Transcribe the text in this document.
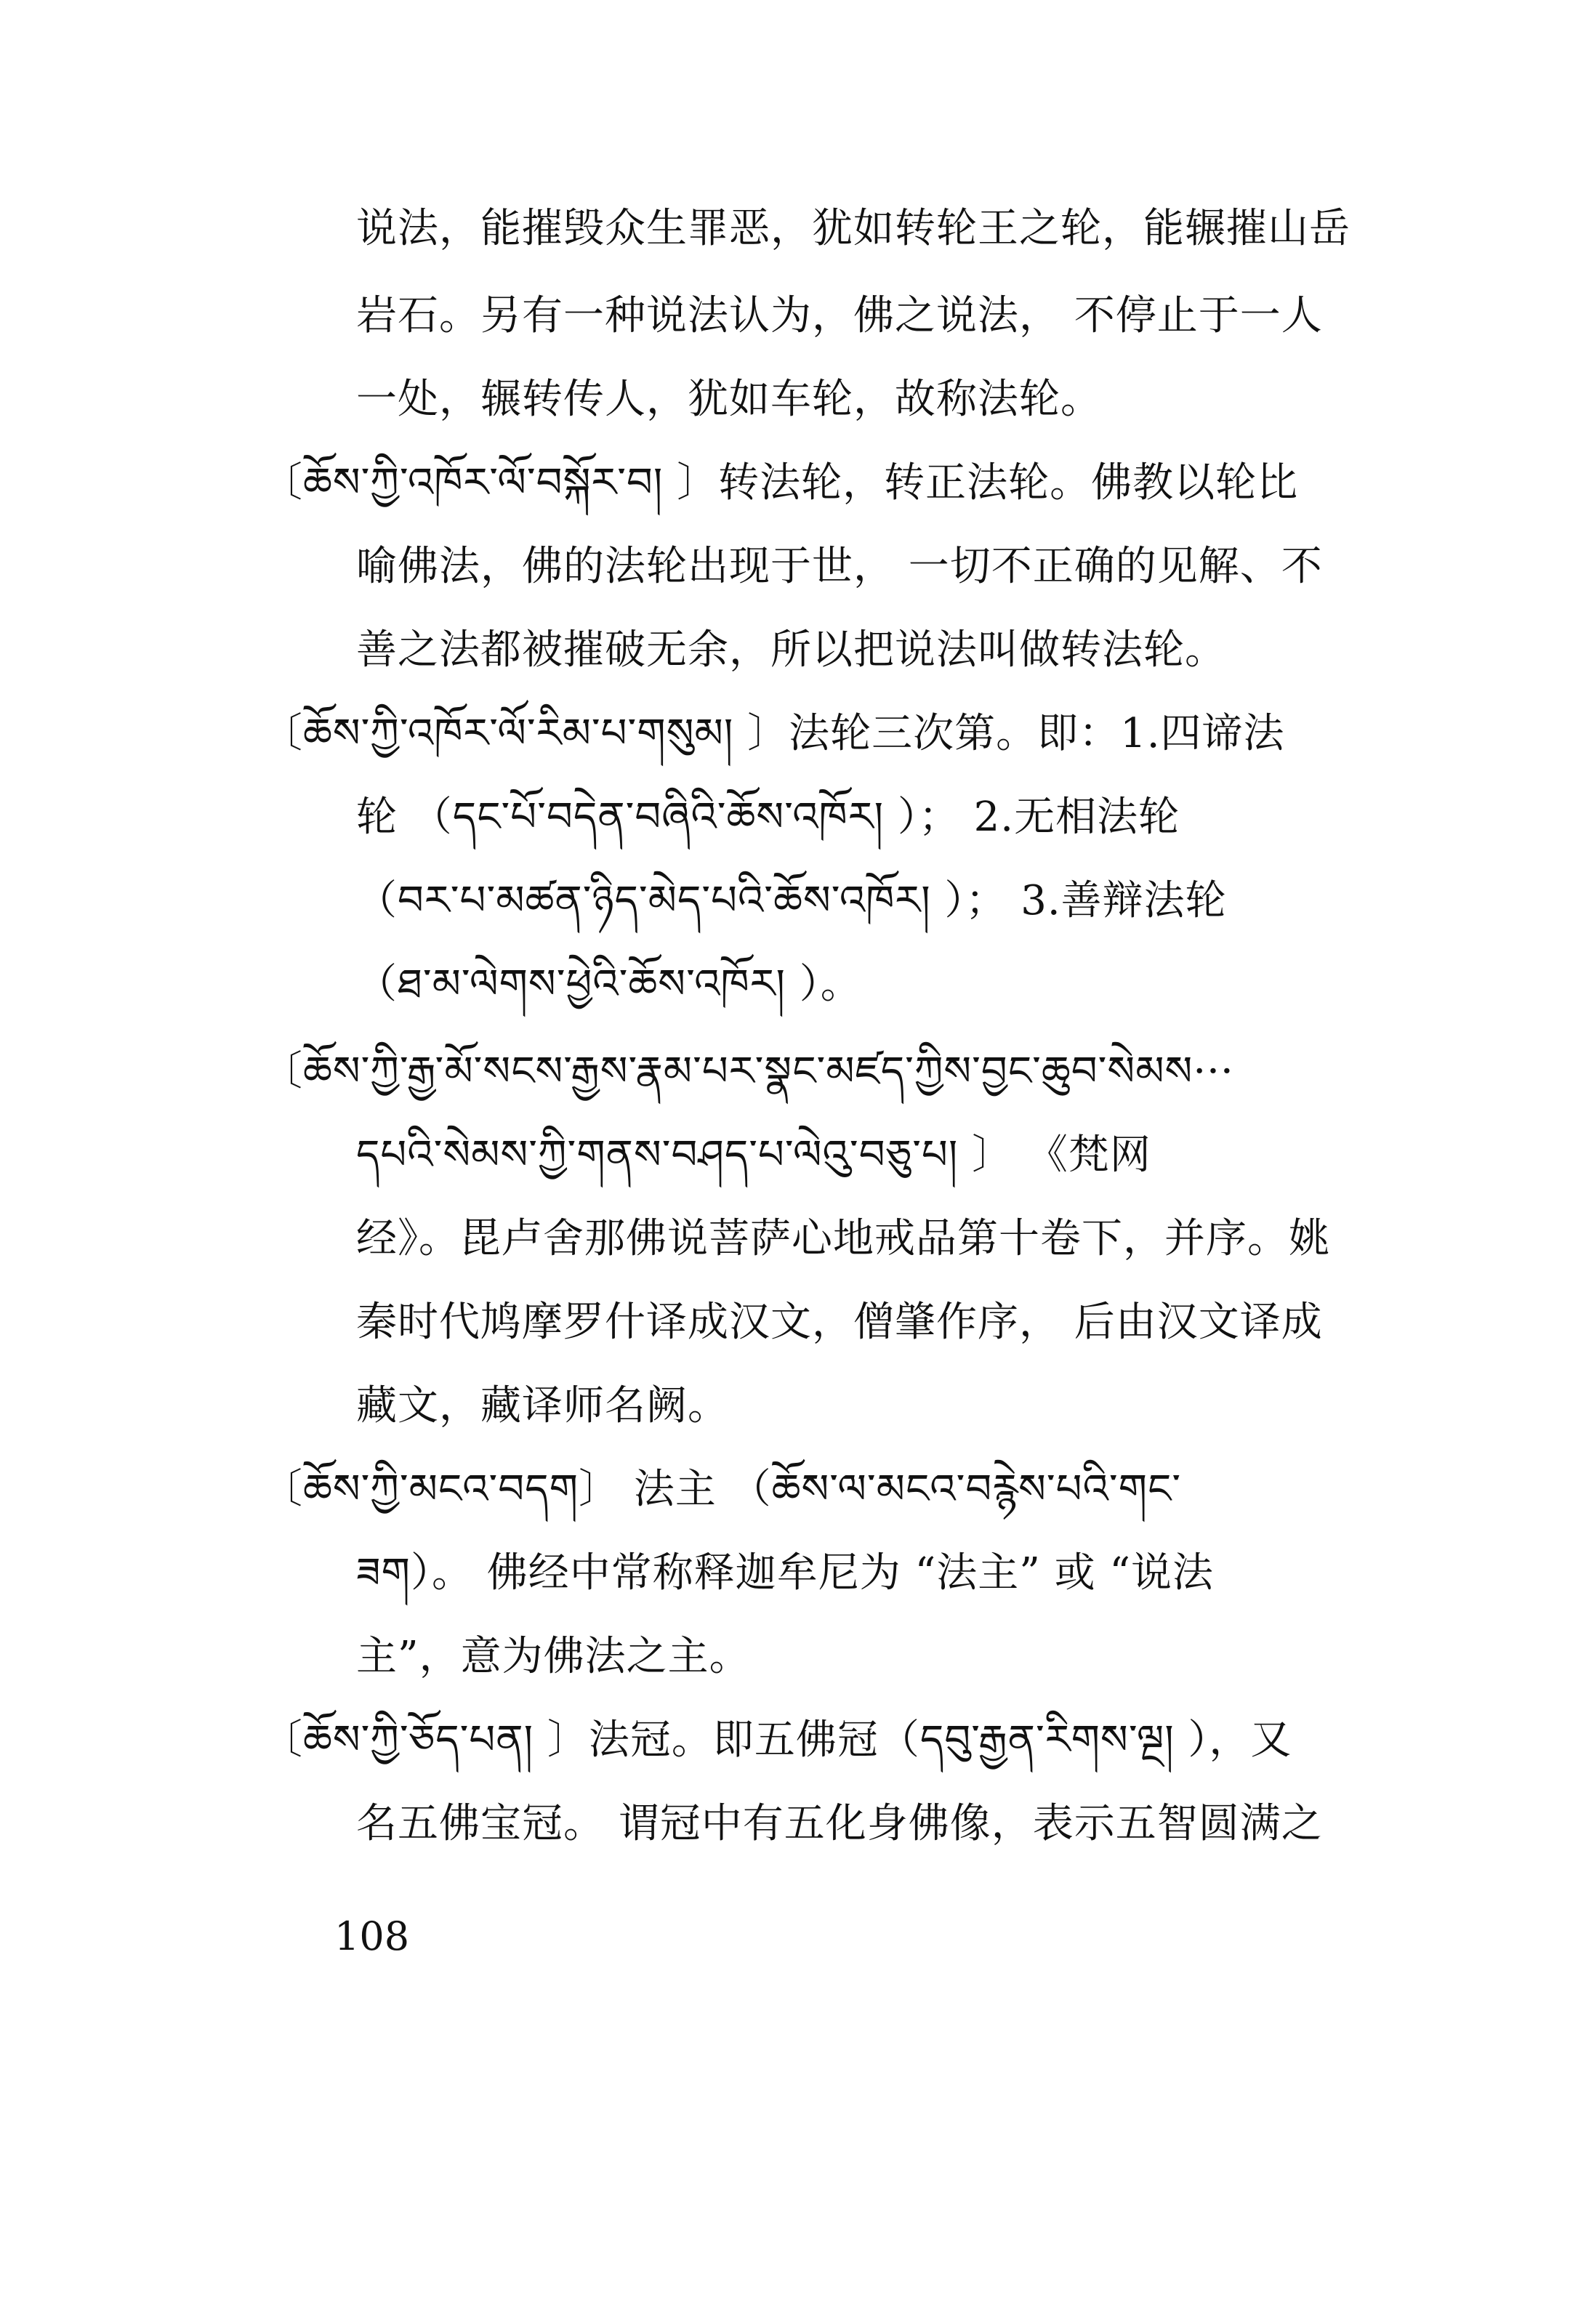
说法，能摧毁众生罪恶，犹如转轮王之轮，能辗摧山岳
岩石。另有一种说法认为，佛之说法， 不停止于一人
一处，辗转传人，犹如车轮，故称法轮。
〔ཆོས་ཀྱི་འཁོར་ལོ་བསྐོར་བ། 〕转法轮，转正法轮。佛教以轮比
喻佛法，佛的法轮出现于世， 一切不正确的见解、不
善之法都被摧破无余，所以把说法叫做转法轮。
〔ཆོས་ཀྱི་འཁོར་ལོ་རིམ་པ་གསུམ། 〕法轮三次第。即：1.四谛法
轮 （དང་པོ་བདེན་བཞིའི་ཆོས་འཁོར། ）； 2.无相法轮
（བར་པ་མཚན་ཉིད་མེད་པའི་ཆོས་འཁོར། ）； 3.善辩法轮
（ཐ་མ་ལེགས་ཕྱེའི་ཆོས་འཁོར། ）。
〔ཆོས་ཀྱི་རྒྱ་མོ་སངས་རྒྱས་རྣམ་པར་སྣང་མཛད་ཀྱིས་བྱང་ཆུབ་སེམས···
དཔའི་སེམས་ཀྱི་གནས་བཤད་པ་ལེའུ་བཅུ་པ། 〕 《梵网
经》。毘卢舍那佛说菩萨心地戒品第十卷下，并序。姚
秦时代鸠摩罗什译成汉文，僧肇作序， 后由汉文译成
藏文，藏译师名阙。
〔ཆོས་ཀྱི་མངའ་བདག〕 法主 （ཆོས་ལ་མངའ་བརྙེས་པའི་གང་
ཟག）。 佛经中常称释迦牟尼为 “法主” 或 “说法
主”，意为佛法之主。
〔ཆོས་ཀྱི་ཅོད་པན། 〕法冠。即五佛冠（དབུ་རྒྱན་རིགས་ལྔ། ），又
名五佛宝冠。 谓冠中有五化身佛像，表示五智圆满之
108
